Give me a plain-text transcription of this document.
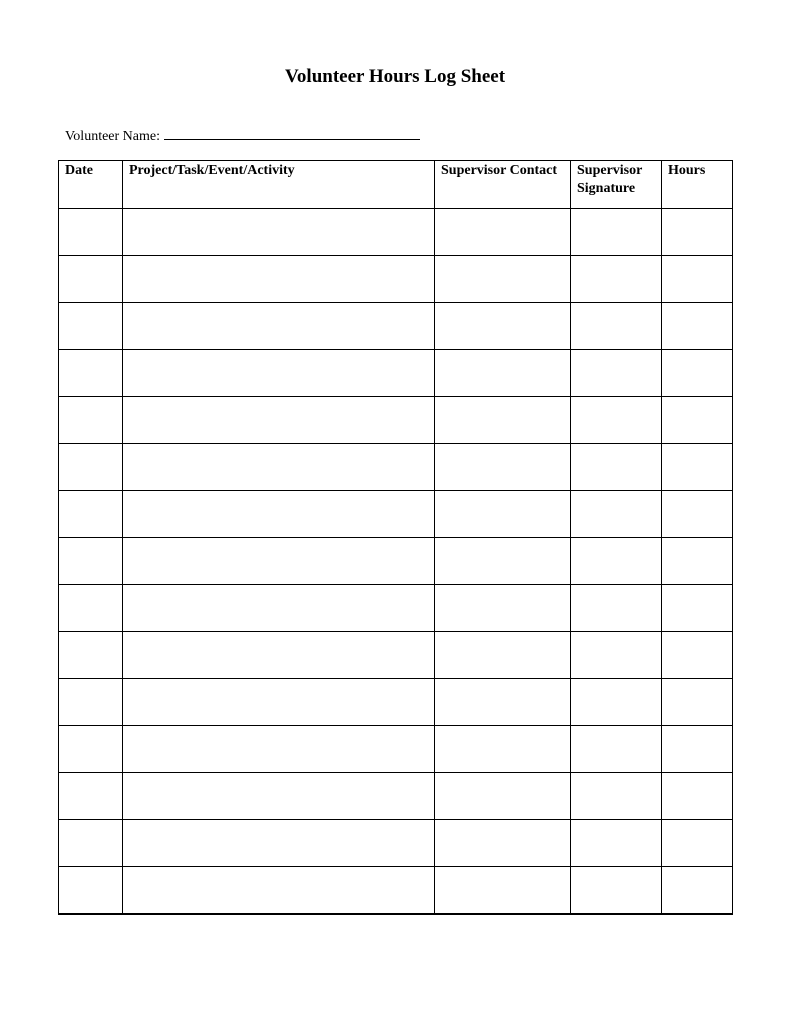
Volunteer Hours Log Sheet
Volunteer Name:
Date	Project/Task/Event/Activity	Supervisor Contact	Supervisor Signature	Hours
